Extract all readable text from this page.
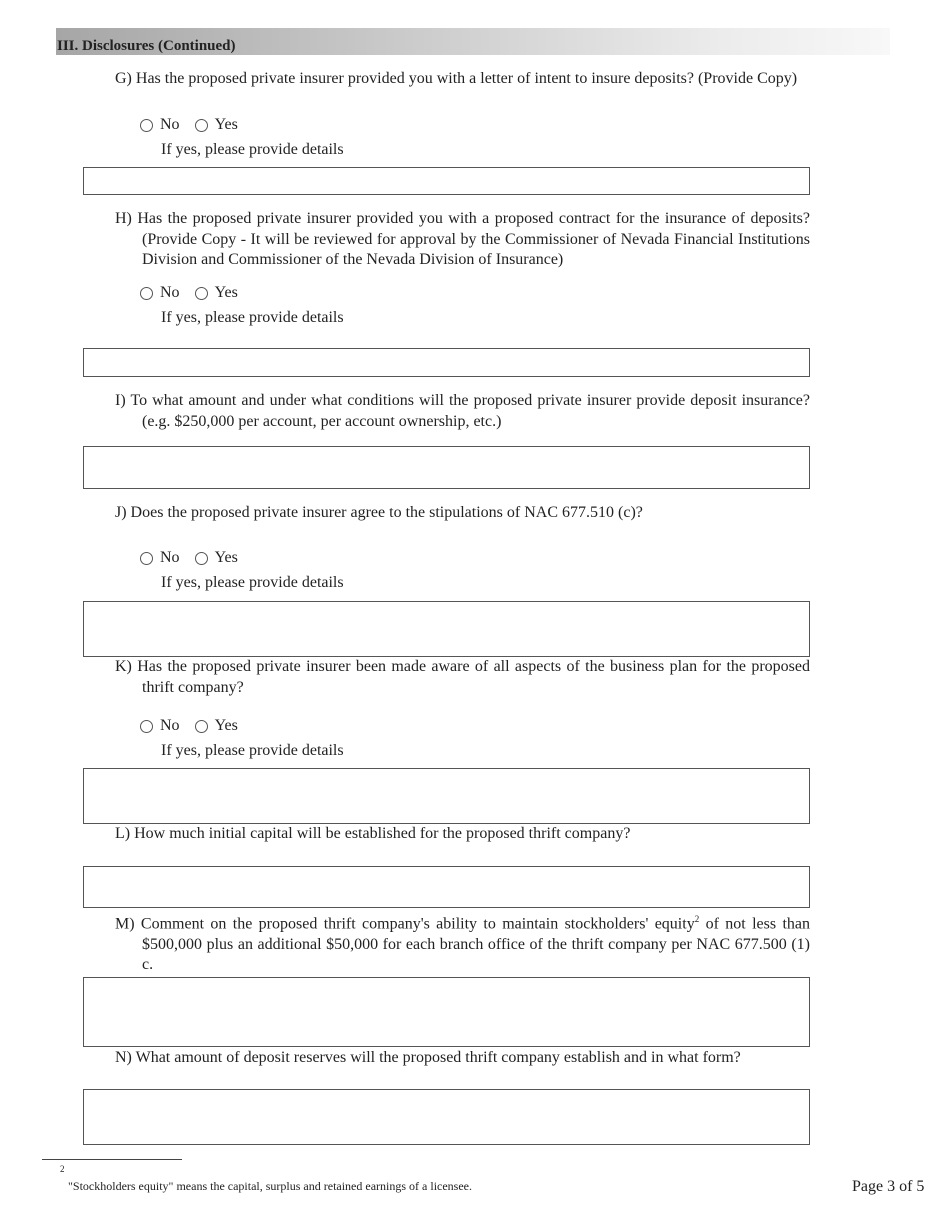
III. Disclosures (Continued)
G) Has the proposed private insurer provided you with a letter of intent to insure deposits? (Provide Copy)
No Yes
If yes, please provide details
H) Has the proposed private insurer provided you with a proposed contract for the insurance of deposits? (Provide Copy - It will be reviewed for approval by the Commissioner of Nevada Financial Institutions Division and Commissioner of the Nevada Division of Insurance)
No Yes
If yes, please provide details
I) To what amount and under what conditions will the proposed private insurer provide deposit insurance? (e.g. $250,000 per account, per account ownership, etc.)
J) Does the proposed private insurer agree to the stipulations of NAC 677.510 (c)?
No Yes
If yes, please provide details
K) Has the proposed private insurer been made aware of all aspects of the business plan for the proposed thrift company?
No Yes
If yes, please provide details
L) How much initial capital will be established for the proposed thrift company?
M) Comment on the proposed thrift company's ability to maintain stockholders' equity$^2$ of not less than $500,000 plus an additional $50,000 for each branch office of the thrift company per NAC 677.500 (1) c.
N) What amount of deposit reserves will the proposed thrift company establish and in what form?
2
"Stockholders equity" means the capital, surplus and retained earnings of a licensee.	Page 3 of 5
